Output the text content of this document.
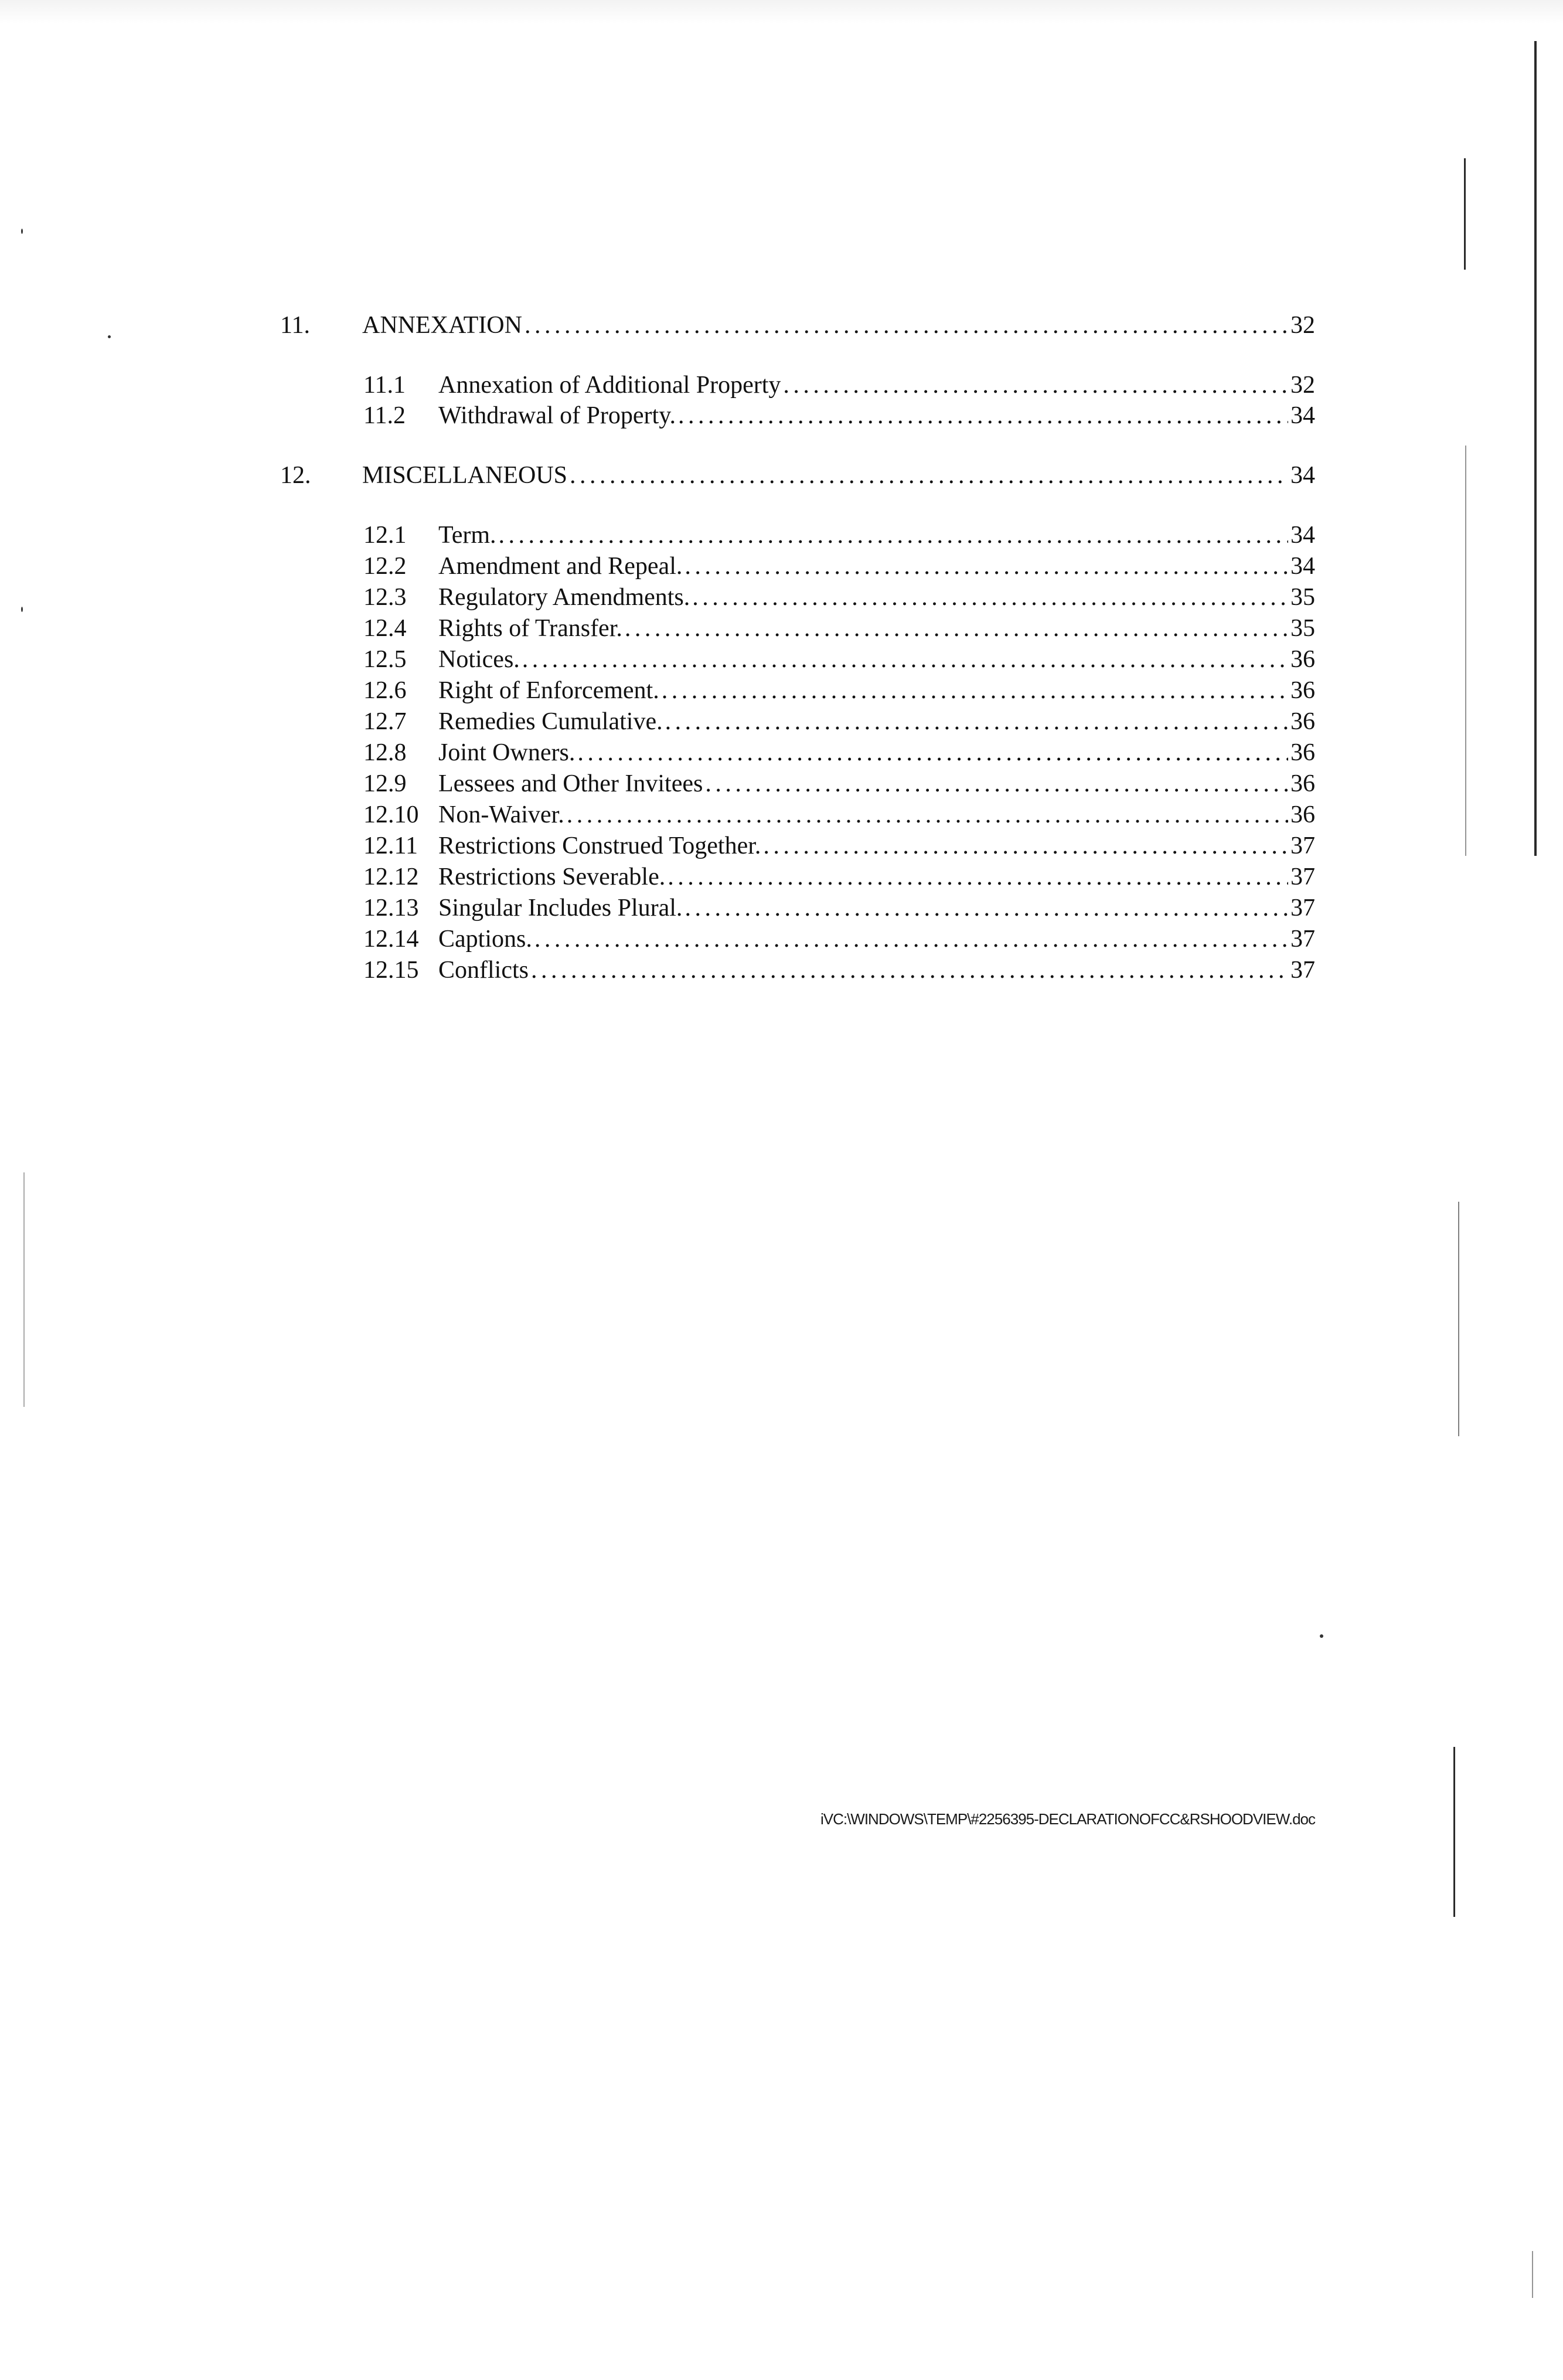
11.	ANNEXATION . . .	32
11.1	Annexation of Additional Property . . .	32
11.2	Withdrawal of Property. . . .	34
12.	MISCELLANEOUS . . .	34
12.1	Term. . . .	34
12.2	Amendment and Repeal. . . .	34
12.3	Regulatory Amendments. . . .	35
12.4	Rights of Transfer. . . .	35
12.5	Notices. . . .	36
12.6	Right of Enforcement. . . .	36
12.7	Remedies Cumulative. . . .	36
12.8	Joint Owners. . . .	36
12.9	Lessees and Other Invitees . . .	36
12.10 Non-Waiver. . . .	36
12.11 Restrictions Construed Together. . . .	37
12.12 Restrictions Severable. . . .	37
12.13 Singular Includes Plural. . . .	37
12.14 Captions. . . .	37
12.15 Conflicts . . .	37
iVC:\WINDOWS\TEMP\#2256395-DECLARATIONOFCC&RSHOODVIEW.doc
